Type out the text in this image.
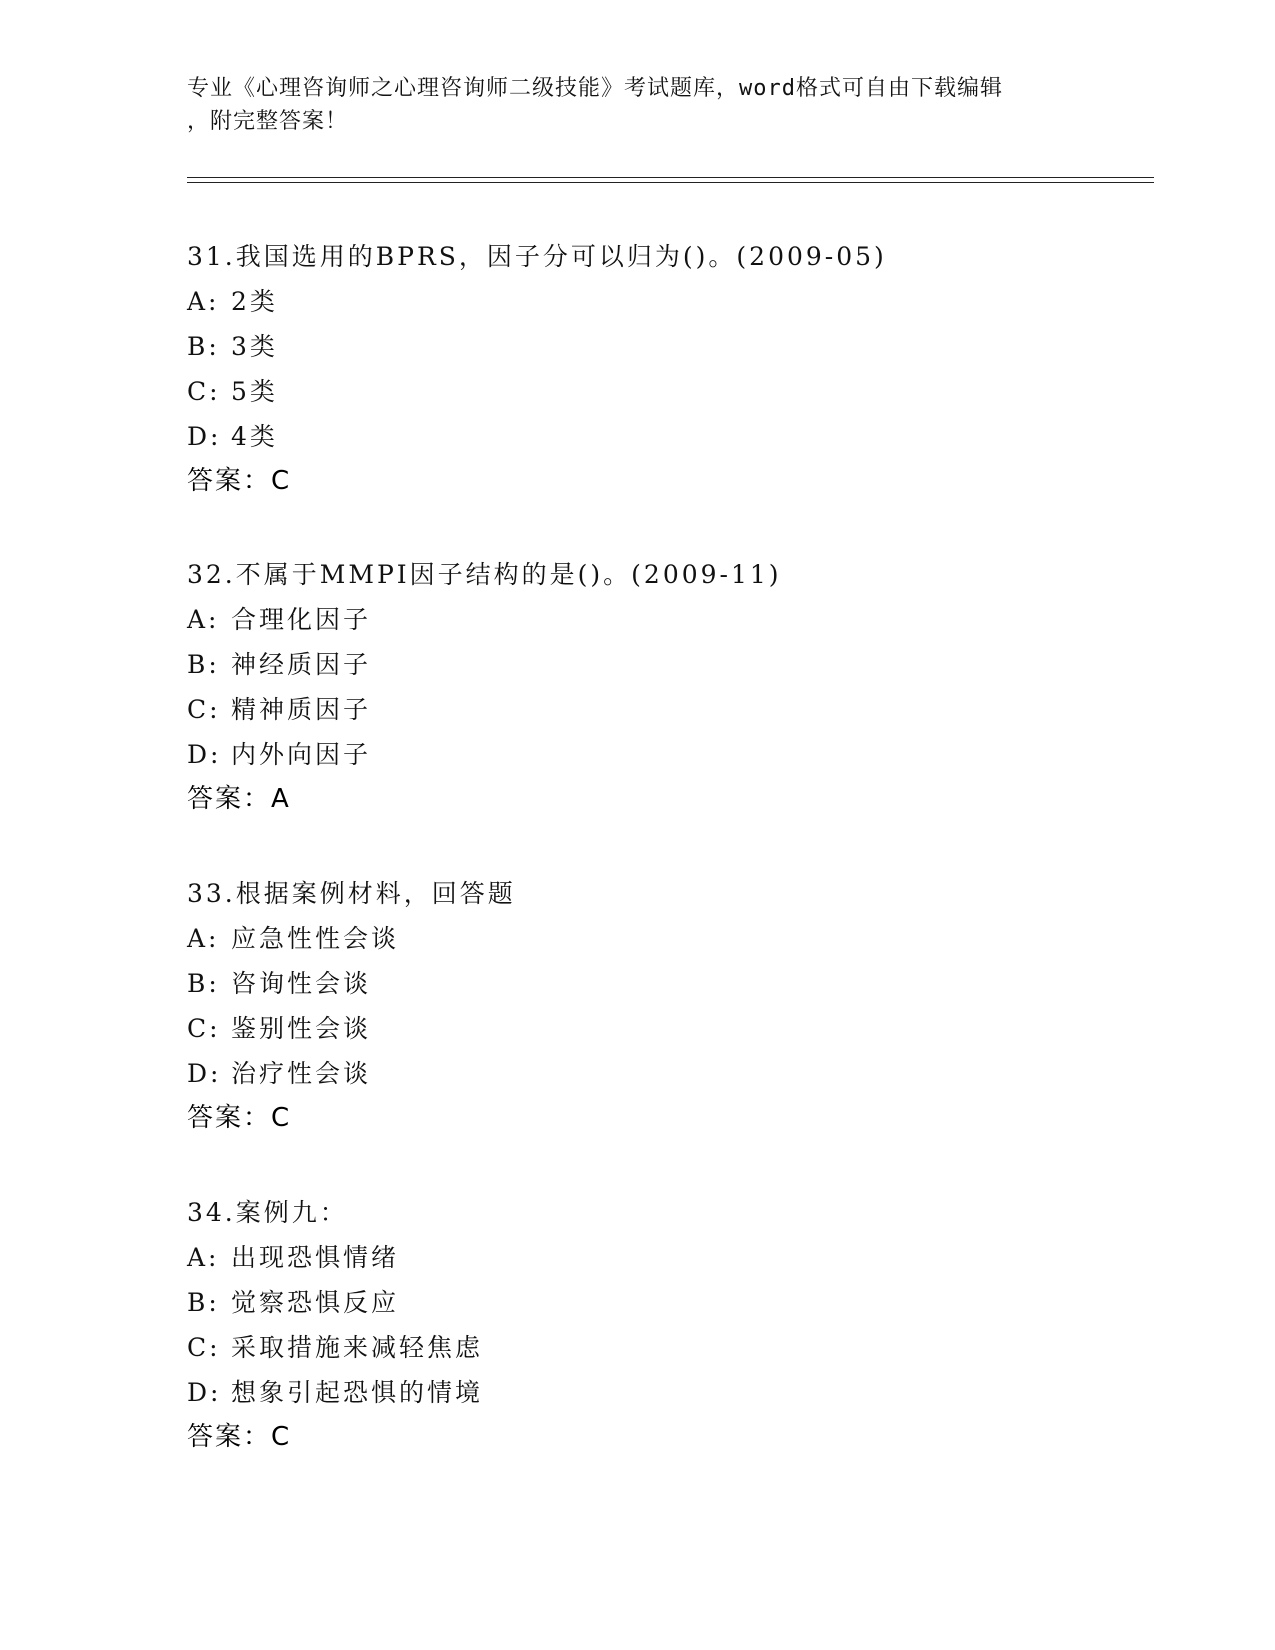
专业《心理咨询师之心理咨询师二级技能》考试题库，word格式可自由下载编辑
，附完整答案！
31.我国选用的BPRS，因子分可以归为()。(2009-05)
A: 2类
B: 3类
C: 5类
D: 4类
答案：C
32.不属于MMPI因子结构的是()。(2009-11)
A: 合理化因子
B: 神经质因子
C: 精神质因子
D: 内外向因子
答案：A
33.根据案例材料，回答题
A: 应急性性会谈
B: 咨询性会谈
C: 鉴别性会谈
D: 治疗性会谈
答案：C
34.案例九：
A: 出现恐惧情绪
B: 觉察恐惧反应
C: 采取措施来减轻焦虑
D: 想象引起恐惧的情境
答案：C
